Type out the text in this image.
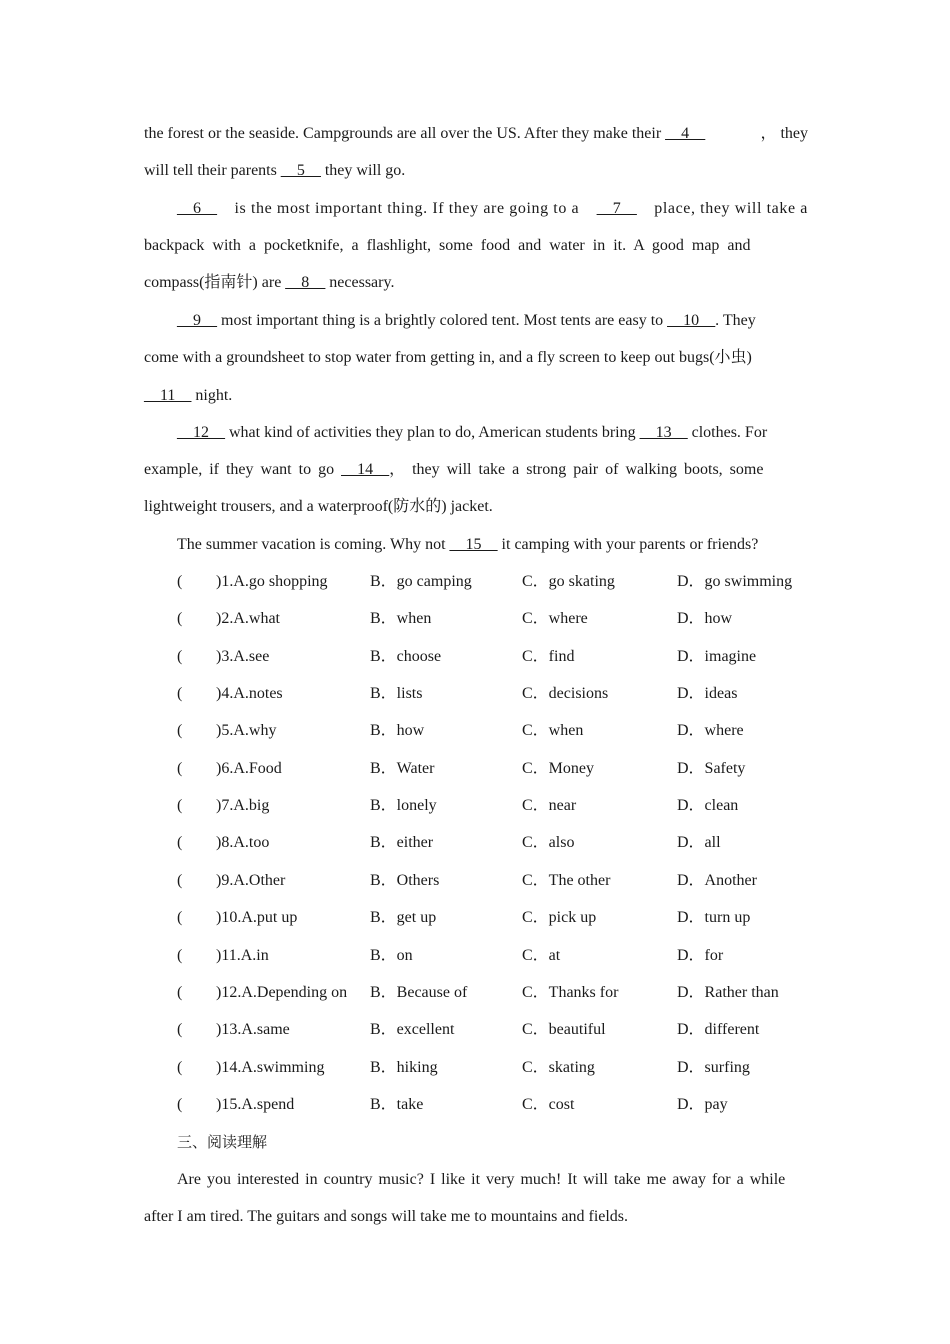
the forest or the seaside. Campgrounds are all over the US. After they make their __4__	， they
will tell their parents __5__ they will go.
__6__ is the most important thing. If they are going to a __7__ place, they will take a
backpack with a pocketknife, a flashlight, some food and water in it. A good map and
compass(指南针) are __8__ necessary.
__9__ most important thing is a brightly colored tent. Most tents are easy to __10__. They
come with a groundsheet to stop water from getting in, and a fly screen to keep out bugs(小虫)
__11__ night.
__12__ what kind of activities they plan to do, American students bring __13__ clothes. For
example, if they want to go __14__， they will take a strong pair of walking boots, some
lightweight trousers, and a waterproof(防水的) jacket.
The summer vacation is coming. Why not __15__ it camping with your parents or friends?
( )1.A.go shopping	B．go camping	C．go skating	D．go swimming
( )2.A.what	B．when	C．where	D．how
( )3.A.see	B．choose	C．find	D．imagine
( )4.A.notes	B．lists	C．decisions	D．ideas
( )5.A.why	B．how	C．when	D．where
( )6.A.Food	B．Water	C．Money	D．Safety
( )7.A.big	B．lonely	C．near	D．clean
( )8.A.too	B．either	C．also	D．all
( )9.A.Other	B．Others	C．The other	D．Another
( )10.A.put up	B．get up	C．pick up	D．turn up
( )11.A.in	B．on	C．at	D．for
( )12.A.Depending on B．Because of	C．Thanks for	D．Rather than
( )13.A.same	B．excellent	C．beautiful	D．different
( )14.A.swimming	B．hiking	C．skating	D．surfing
( )15.A.spend	B．take	C．cost	D．pay
三、阅读理解
Are you interested in country music? I like it very much! It will take me away for a while
after I am tired. The guitars and songs will take me to mountains and fields.
